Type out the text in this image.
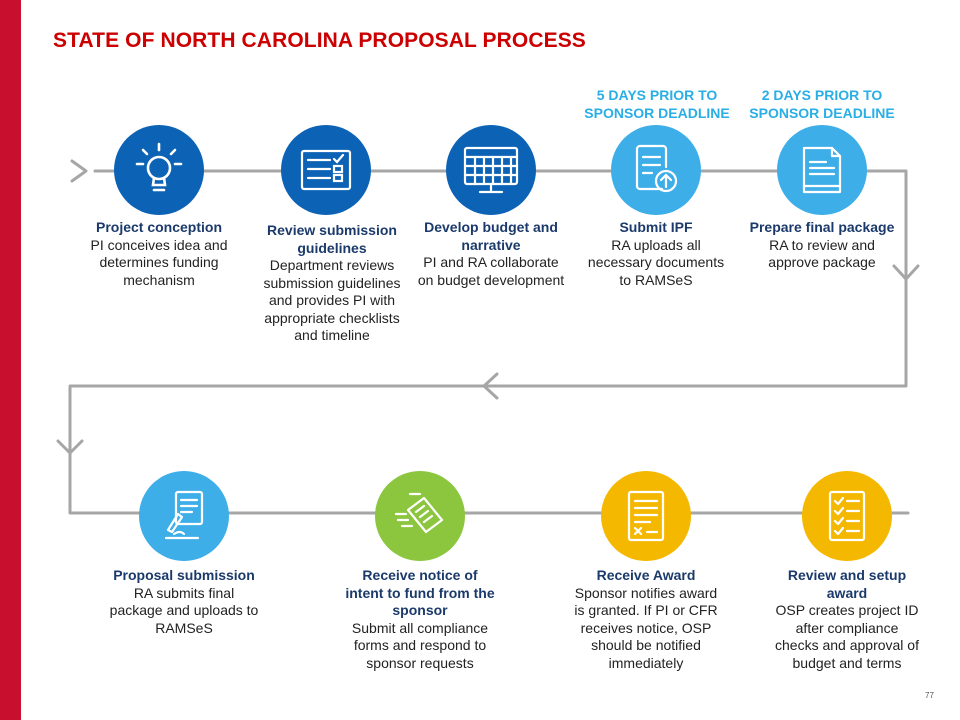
STATE OF NORTH CAROLINA PROPOSAL PROCESS
5 DAYS PRIOR TO
SPONSOR DEADLINE
2 DAYS PRIOR TO
SPONSOR DEADLINE
Project conception
PI conceives idea and determines funding mechanism
Review submission guidelines
Department reviews submission guidelines and provides PI with appropriate checklists and timeline
Develop budget and narrative
PI and RA collaborate on budget development
Submit IPF
RA uploads all necessary documents to RAMSeS
Prepare final package
RA to review and approve package
Proposal submission
RA submits final package and uploads to RAMSeS
Receive notice of intent to fund from the sponsor
Submit all compliance forms and respond to sponsor requests
Receive Award
Sponsor notifies award is granted. If PI or CFR receives notice, OSP should be notified immediately
Review and setup award
OSP creates project ID after compliance checks and approval of budget and terms
77
